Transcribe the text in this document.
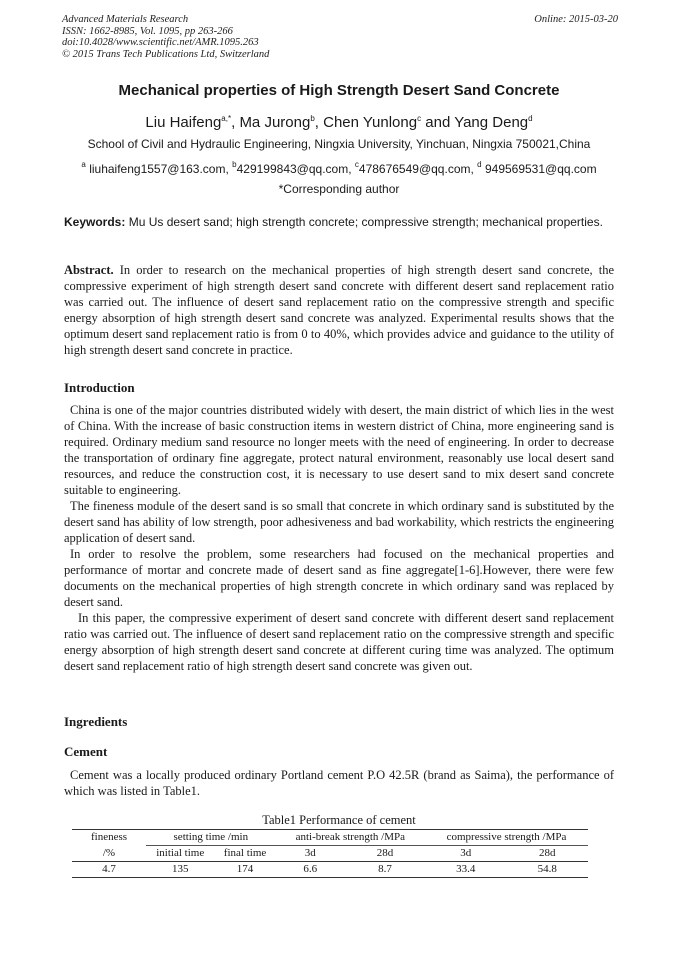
Advanced Materials Research
ISSN: 1662-8985, Vol. 1095, pp 263-266
doi:10.4028/www.scientific.net/AMR.1095.263
© 2015 Trans Tech Publications Ltd, Switzerland
Online: 2015-03-20
Mechanical properties of High Strength Desert Sand Concrete
Liu Haifeng$^{a,*}$, Ma Jurong$^b$, Chen Yunlong$^c$ and Yang Deng$^d$
School of Civil and Hydraulic Engineering, Ningxia University, Yinchuan, Ningxia 750021,China
$^a$ liuhaifeng1557@163.com, $^b$429199843@qq.com, $^c$478676549@qq.com, $^d$ 949569531@qq.com
*Corresponding author
Keywords: Mu Us desert sand; high strength concrete; compressive strength; mechanical properties.
Abstract. In order to research on the mechanical properties of high strength desert sand concrete, the compressive experiment of high strength desert sand concrete with different desert sand replacement ratio was carried out. The influence of desert sand replacement ratio on the compressive strength and specific energy absorption of high strength desert sand concrete was analyzed. Experimental results shows that the optimum desert sand replacement ratio is from 0 to 40%, which provides advice and guidance to the utility of high strength desert sand concrete in practice.
Introduction

China is one of the major countries distributed widely with desert, the main district of which lies in the west of China. With the increase of basic construction items in western district of China, more engineering sand is required. Ordinary medium sand resource no longer meets with the need of engineering. In order to decrease the transportation of ordinary fine aggregate, protect natural environment, reasonably use local desert sand resources, and reduce the construction cost, it is necessary to use desert sand to mix desert sand concrete suitable to engineering.

The fineness module of the desert sand is so small that concrete in which ordinary sand is substituted by the desert sand has ability of low strength, poor adhesiveness and bad workability, which restricts the engineering application of desert sand.

In order to resolve the problem, some researchers had focused on the mechanical properties and performance of mortar and concrete made of desert sand as fine aggregate[1-6].However, there were few documents on the mechanical properties of high strength concrete in which ordinary sand was replaced by desert sand.

In this paper, the compressive experiment of desert sand concrete with different desert sand replacement ratio was carried out. The influence of desert sand replacement ratio on the compressive strength and specific energy absorption of high strength desert sand concrete at different curing time was analyzed. The optimum desert sand replacement ratio of high strength desert sand concrete was given out.

Ingredients
Cement

Cement was a locally produced ordinary Portland cement P.O 42.5R (brand as Saima), the performance of which was listed in Table1.

Table1 Performance of cement
fineness	setting time /min		anti-break strength /MPa		compressive strength /MPa	
/%	initial time	final time	3d	28d	3d	28d
4.7	135	174	6.6	8.7	33.4	54.8
